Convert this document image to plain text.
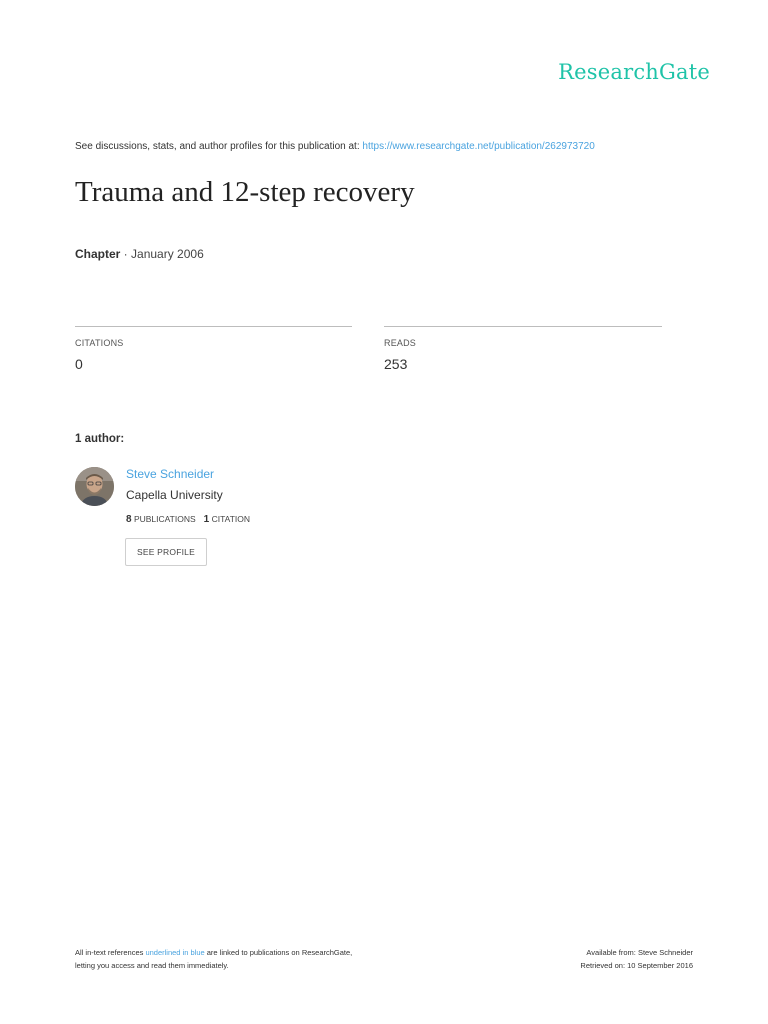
ResearchGate
See discussions, stats, and author profiles for this publication at: https://www.researchgate.net/publication/262973720
Trauma and 12-step recovery
Chapter · January 2006
CITATIONS
0
READS
253
1 author:
Steve Schneider
Capella University
8 PUBLICATIONS 1 CITATION
SEE PROFILE
All in-text references underlined in blue are linked to publications on ResearchGate,
letting you access and read them immediately.
Available from: Steve Schneider
Retrieved on: 10 September 2016
